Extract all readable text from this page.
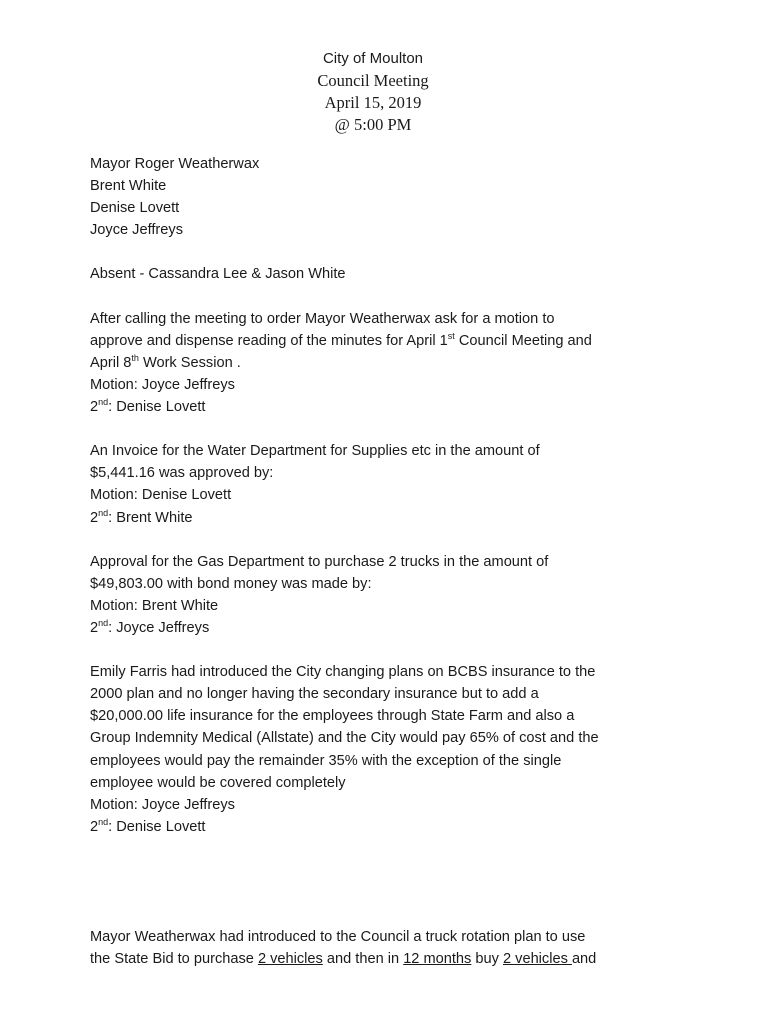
City of Moulton
Council Meeting
April 15, 2019
@ 5:00 PM
Mayor Roger Weatherwax
Brent White
Denise Lovett
Joyce Jeffreys
Absent - Cassandra Lee & Jason White
After calling the meeting to order Mayor Weatherwax ask for a motion to
approve and dispense reading of the minutes for April 1st Council Meeting and
April 8th Work Session .
Motion: Joyce Jeffreys
2nd: Denise Lovett
An Invoice for the Water Department for Supplies etc in the amount of
$5,441.16 was approved by:
Motion: Denise Lovett
2nd: Brent White
Approval for the Gas Department to purchase 2 trucks in the amount of
$49,803.00 with bond money was made by:
Motion: Brent White
2nd: Joyce Jeffreys
Emily Farris had introduced the City changing plans on BCBS insurance to the
2000 plan and no longer having the secondary insurance but to add a
$20,000.00 life insurance for the employees through State Farm and also a
Group Indemnity Medical (Allstate) and the City would pay 65% of cost and the
employees would pay the remainder 35% with the exception of the single
employee would be covered completely
Motion: Joyce Jeffreys
2nd: Denise Lovett
Mayor Weatherwax had introduced to the Council a truck rotation plan to use
the State Bid to purchase 2 vehicles and then in 12 months buy 2 vehicles and
